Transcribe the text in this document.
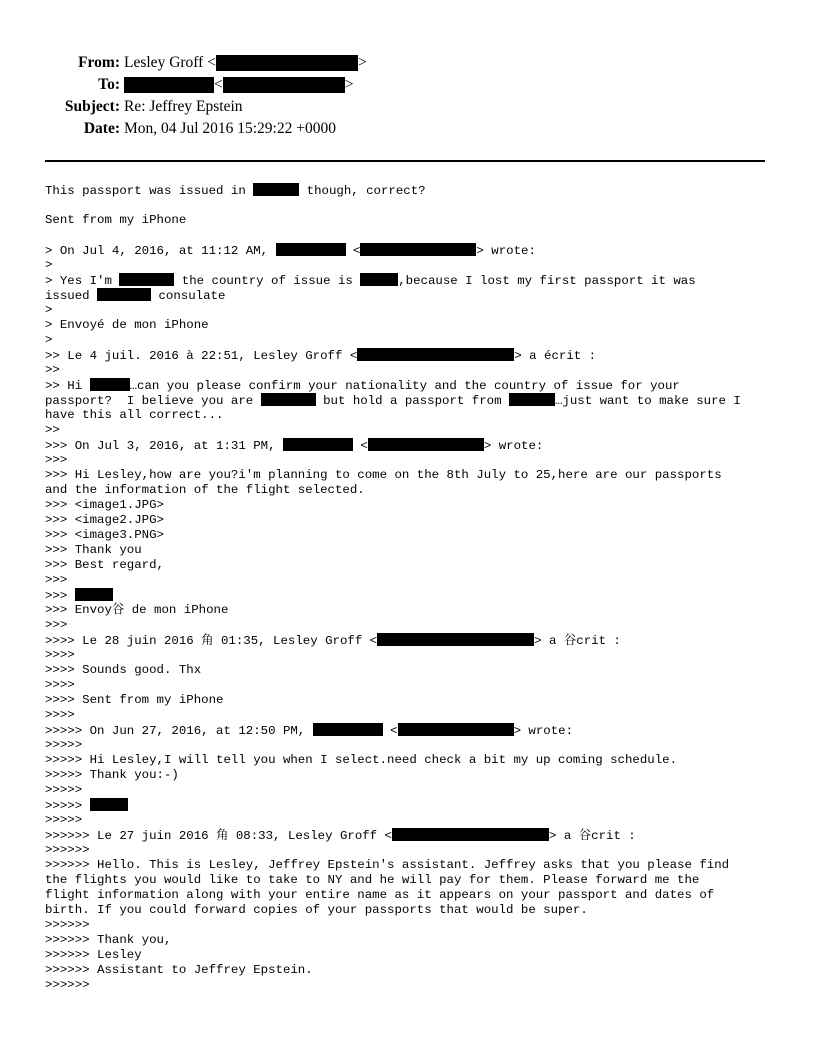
From: Lesley Groff <	>
To:	<	>
Subject: Re: Jeffrey Epstein
Date: Mon, 04 Jul 2016 15:29:22 +0000
This passport was issued in	though, correct?
Sent from my iPhone
> On Jul 4, 2016, at 11:12 AM,	<	> wrote:
>
> Yes I'm	the country of issue is	,because I lost my first passport it was
issued	consulate
>
> Envoyé de mon iPhone
>
>> Le 4 juil. 2016 à 22:51, Lesley Groff <	> a écrit :
>>
>> Hi	…can you please confirm your nationality and the country of issue for your
passport?  I believe you are	but hold a passport from	…just want to make sure I
have this all correct...
>>
>>> On Jul 3, 2016, at 1:31 PM,	<	> wrote:
>>>
>>> Hi Lesley,how are you?i'm planning to come on the 8th July to 25,here are our passports
and the information of the flight selected.
>>> <image1.JPG>
>>> <image2.JPG>
>>> <image3.PNG>
>>> Thank you
>>> Best regard,
>>>
>>>
>>> Envoy谷 de mon iPhone
>>>
>>>> Le 28 juin 2016 角 01:35, Lesley Groff <	> a 谷crit :
>>>>
>>>> Sounds good. Thx
>>>>
>>>> Sent from my iPhone
>>>>
>>>>> On Jun 27, 2016, at 12:50 PM,	<	> wrote:
>>>>>
>>>>> Hi Lesley,I will tell you when I select.need check a bit my up coming schedule.
>>>>> Thank you:-)
>>>>>
>>>>>
>>>>>
>>>>>> Le 27 juin 2016 角 08:33, Lesley Groff <	> a 谷crit :
>>>>>>
>>>>>> Hello. This is Lesley, Jeffrey Epstein's assistant. Jeffrey asks that you please find
the flights you would like to take to NY and he will pay for them. Please forward me the
flight information along with your entire name as it appears on your passport and dates of
birth. If you could forward copies of your passports that would be super.
>>>>>>
>>>>>> Thank you,
>>>>>> Lesley
>>>>>> Assistant to Jeffrey Epstein.
>>>>>>
